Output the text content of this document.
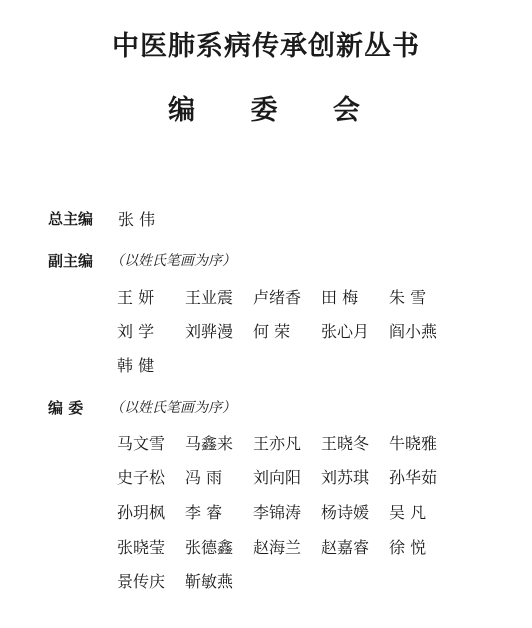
中医肺系病传承创新丛书
编 委 会
总主编 张 伟
副主编 （以姓氏笔画为序）
王 妍	王业震	卢绪香	田 梅	朱 雪
刘 学	刘骅漫	何 荣	张心月	阎小燕
韩 健
编 委 （以姓氏笔画为序）
马文雪	马鑫来	王亦凡	王晓冬	牛晓雅
史子松	冯 雨	刘向阳	刘苏琪	孙华茹
孙玥枫	李 睿	李锦涛	杨诗媛	吴 凡
张晓莹	张德鑫	赵海兰	赵嘉睿	徐 悦
景传庆	靳敏燕
